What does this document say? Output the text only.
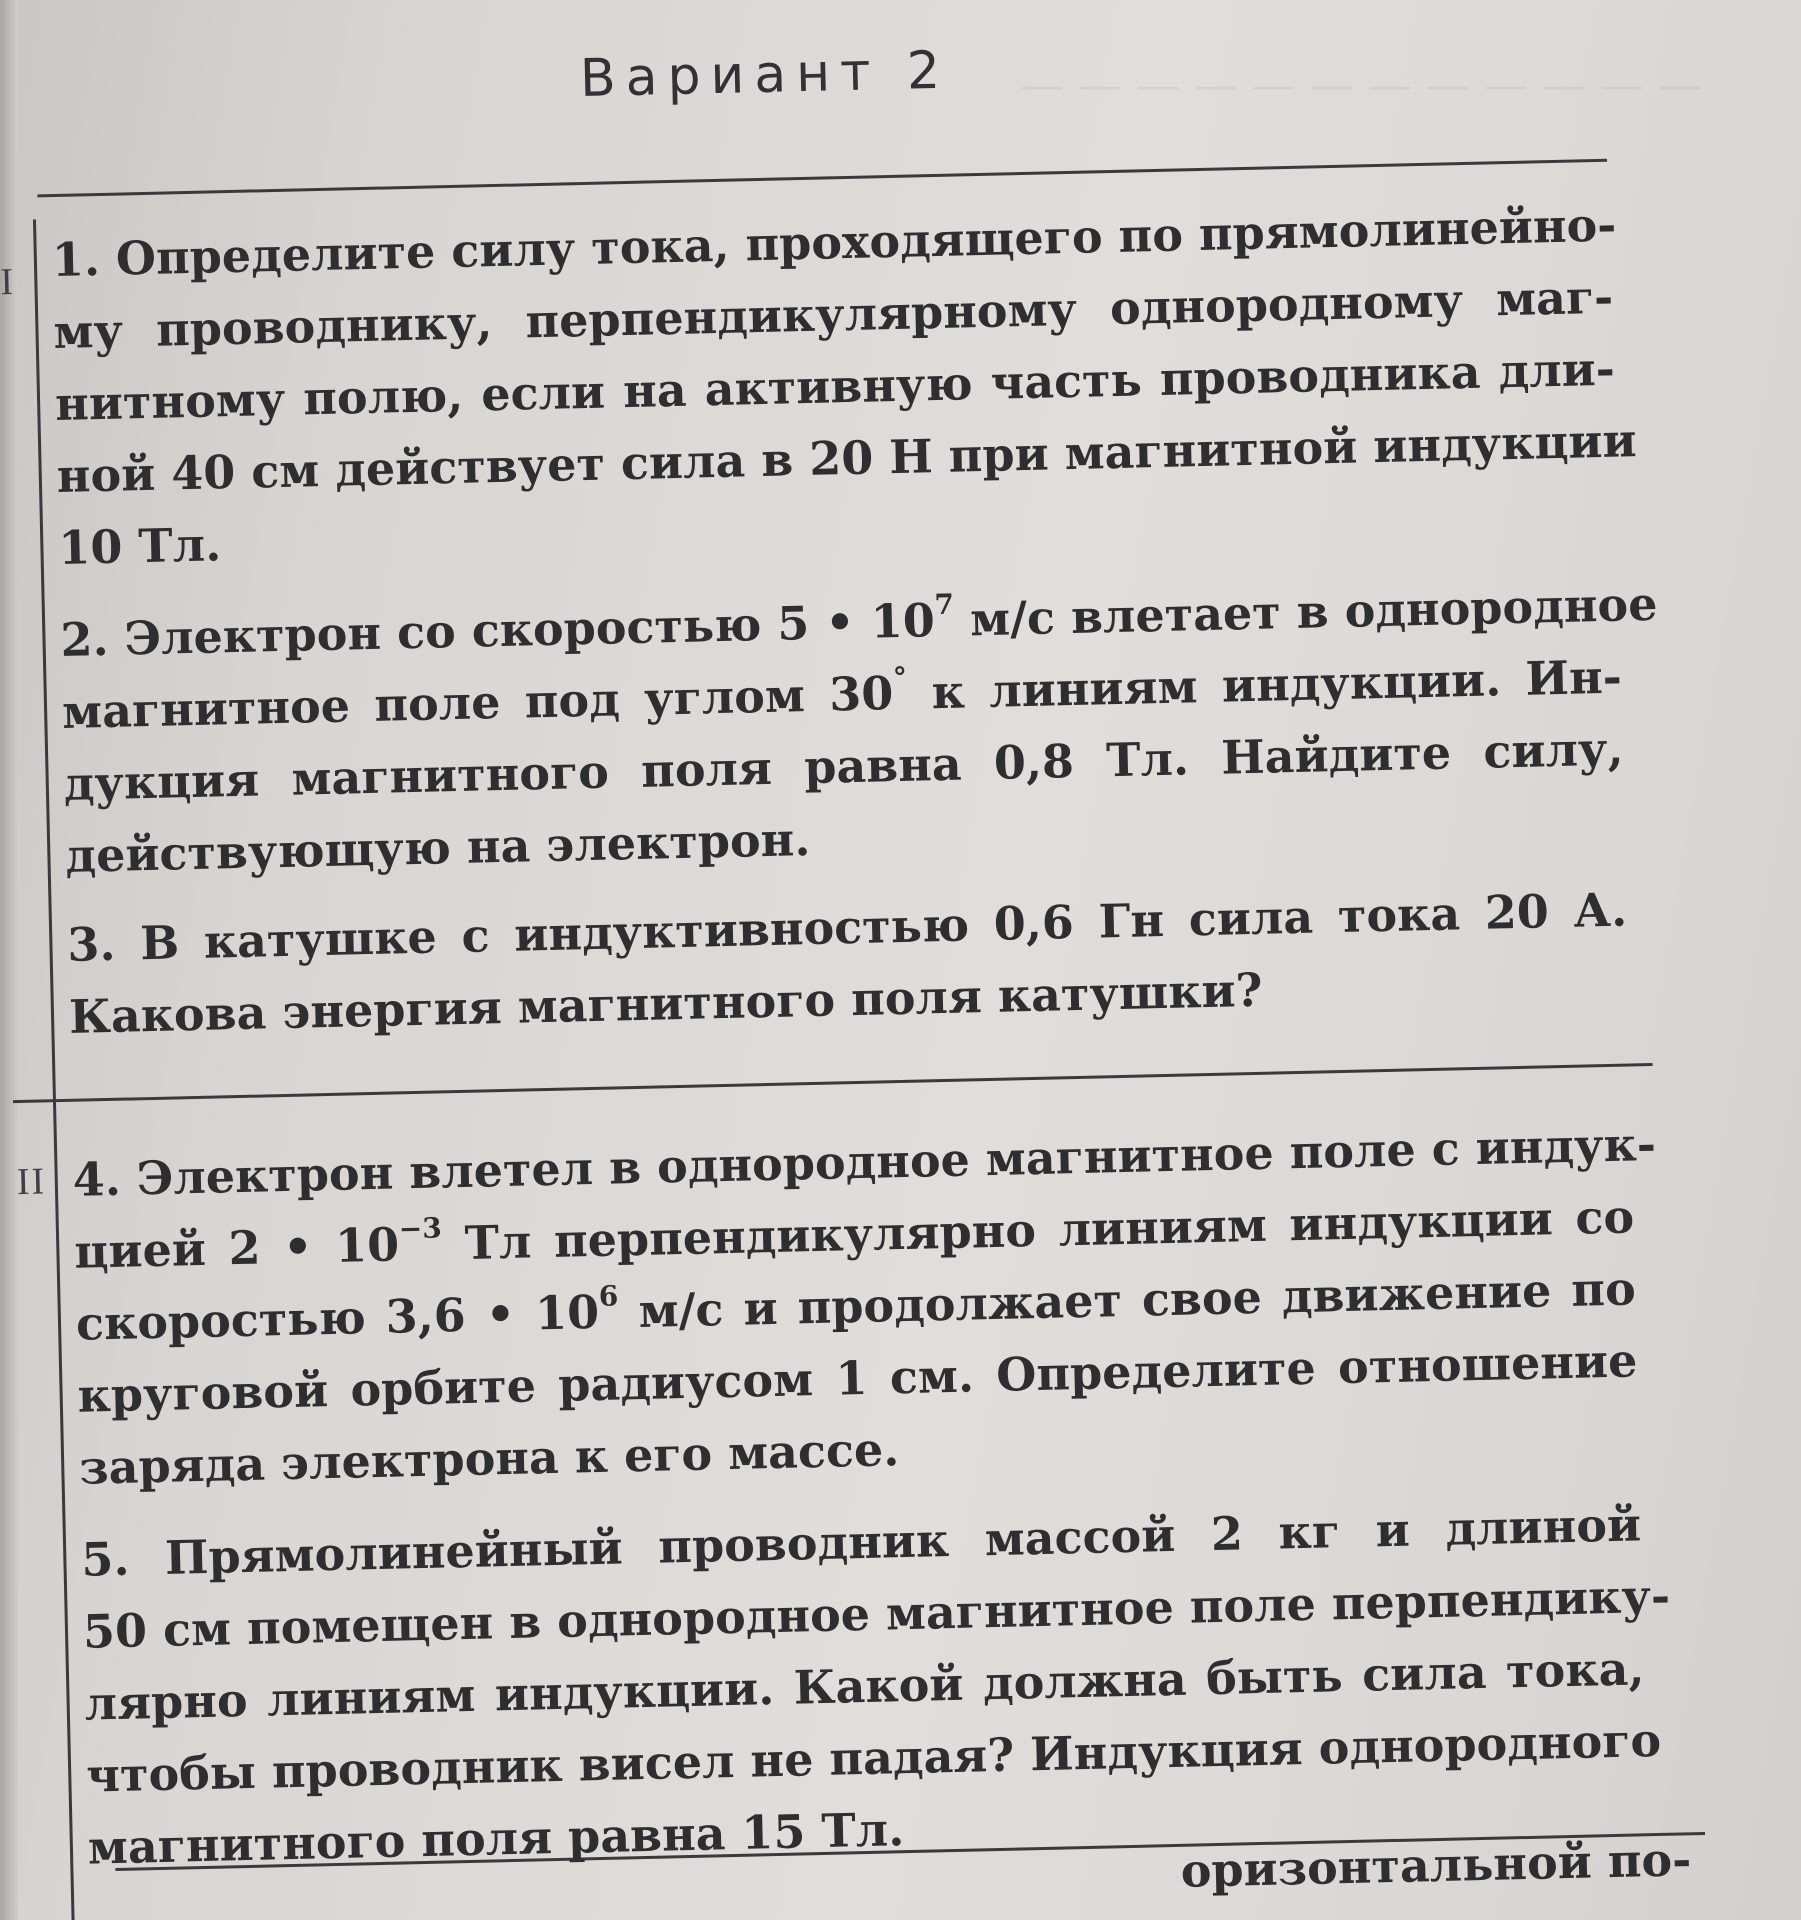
— — — — — — — — — — — —
Вариант 2
I
II
1. Определите силу тока, проходящего по прямолинейно-
му проводнику, перпендикулярному однородному маг-
нитному полю, если на активную часть проводника дли-
ной 40 см действует сила в 20 Н при магнитной индукции
10 Тл.
2. Электрон со скоростью 5 • $10^7$ м/с влетает в однородное
магнитное поле под углом 30° к линиям индукции. Ин-
дукция магнитного поля равна 0,8 Тл. Найдите силу,
действующую на электрон.
3. В катушке с индуктивностью 0,6 Гн сила тока 20 А.
Какова энергия магнитного поля катушки?
4. Электрон влетел в однородное магнитное поле с индук-
цией 2 • $10^{-3}$ Тл перпендикулярно линиям индукции со
скоростью 3,6 • $10^6$ м/с и продолжает свое движение по
круговой орбите радиусом 1 см. Определите отношение
заряда электрона к его массе.
5. Прямолинейный проводник массой 2 кг и длиной
50 см помещен в однородное магнитное поле перпендику-
лярно линиям индукции. Какой должна быть сила тока,
чтобы проводник висел не падая? Индукция однородного
магнитного поля равна 15 Тл.	оризонтальной по-
